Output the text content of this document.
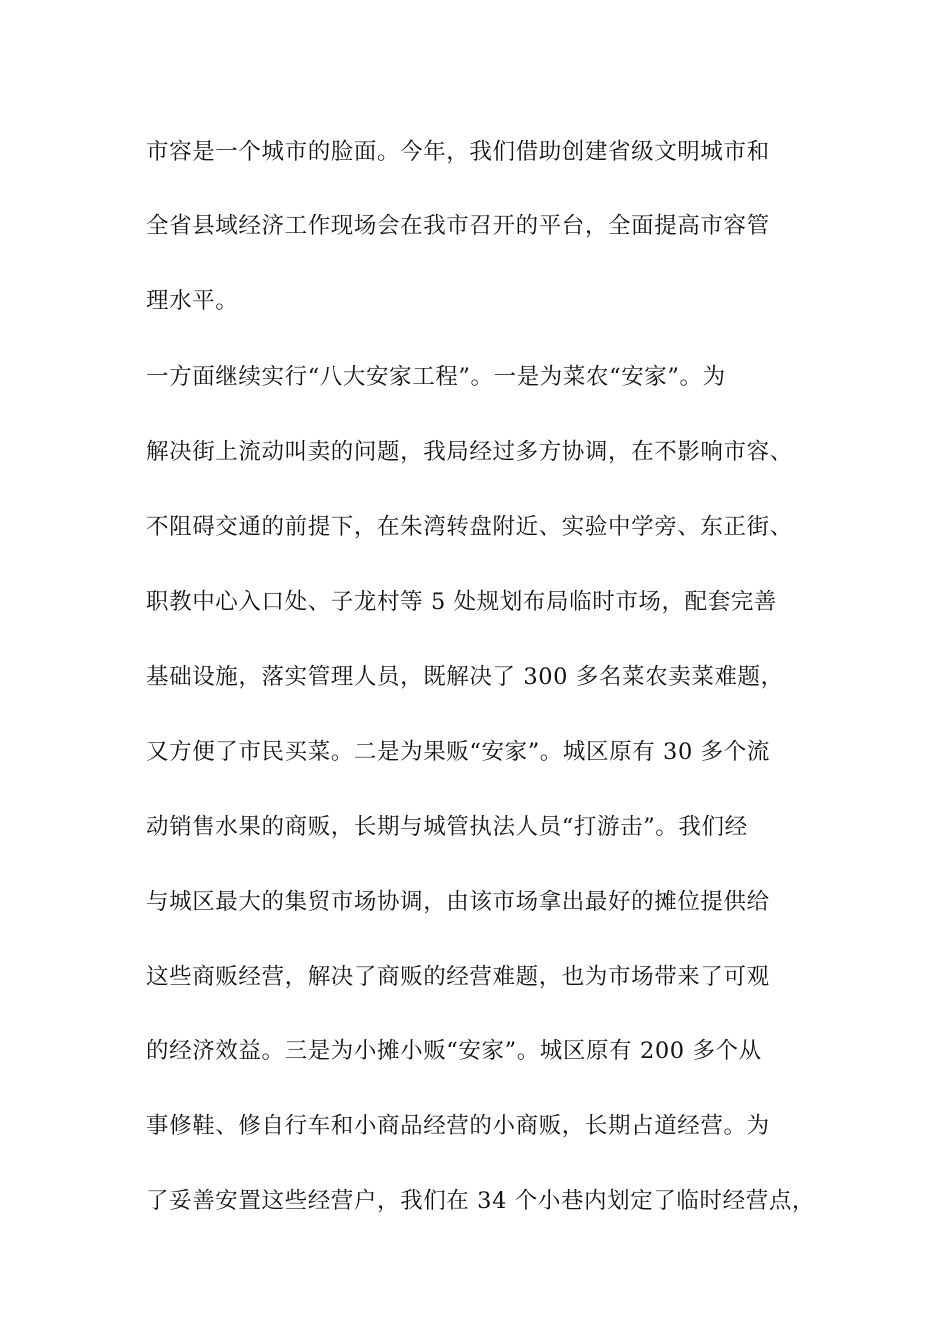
市容是一个城市的脸面。今年，我们借助创建省级文明城市和
全省县域经济工作现场会在我市召开的平台，全面提高市容管
理水平。
一方面继续实行“八大安家工程”。一是为菜农“安家”。为
解决街上流动叫卖的问题，我局经过多方协调，在不影响市容、
不阻碍交通的前提下，在朱湾转盘附近、实验中学旁、东正街、
职教中心入口处、子龙村等 5 处规划布局临时市场，配套完善
基础设施，落实管理人员，既解决了 300 多名菜农卖菜难题，
又方便了市民买菜。二是为果贩“安家”。城区原有 30 多个流
动销售水果的商贩，长期与城管执法人员“打游击”。我们经
与城区最大的集贸市场协调，由该市场拿出最好的摊位提供给
这些商贩经营，解决了商贩的经营难题，也为市场带来了可观
的经济效益。三是为小摊小贩“安家”。城区原有 200 多个从
事修鞋、修自行车和小商品经营的小商贩，长期占道经营。为
了妥善安置这些经营户，我们在 34 个小巷内划定了临时经营点，
